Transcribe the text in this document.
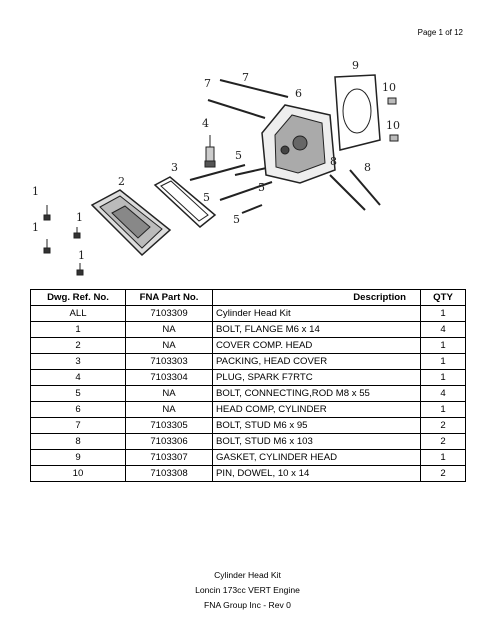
Page 1 of 12
1
1
1
1
2
3
4
5
5
5
5
6
7	7
8 8
9
10
10
Dwg. Ref. No.	FNA Part No.	Description	QTY
ALL	7103309	Cylinder Head Kit	1
1	NA	BOLT, FLANGE M6 x 14	4
2	NA	COVER COMP. HEAD	1
3	7103303	PACKING, HEAD COVER	1
4	7103304	PLUG, SPARK F7RTC	1
5	NA	BOLT, CONNECTING,ROD M8 x 55	4
6	NA	HEAD COMP, CYLINDER	1
7	7103305	BOLT, STUD M6 x 95	2
8	7103306	BOLT, STUD M6 x 103	2
9	7103307	GASKET, CYLINDER HEAD	1
10	7103308	PIN, DOWEL, 10 x 14	2
Cylinder Head Kit
Loncin 173cc VERT Engine
FNA Group Inc - Rev 0
